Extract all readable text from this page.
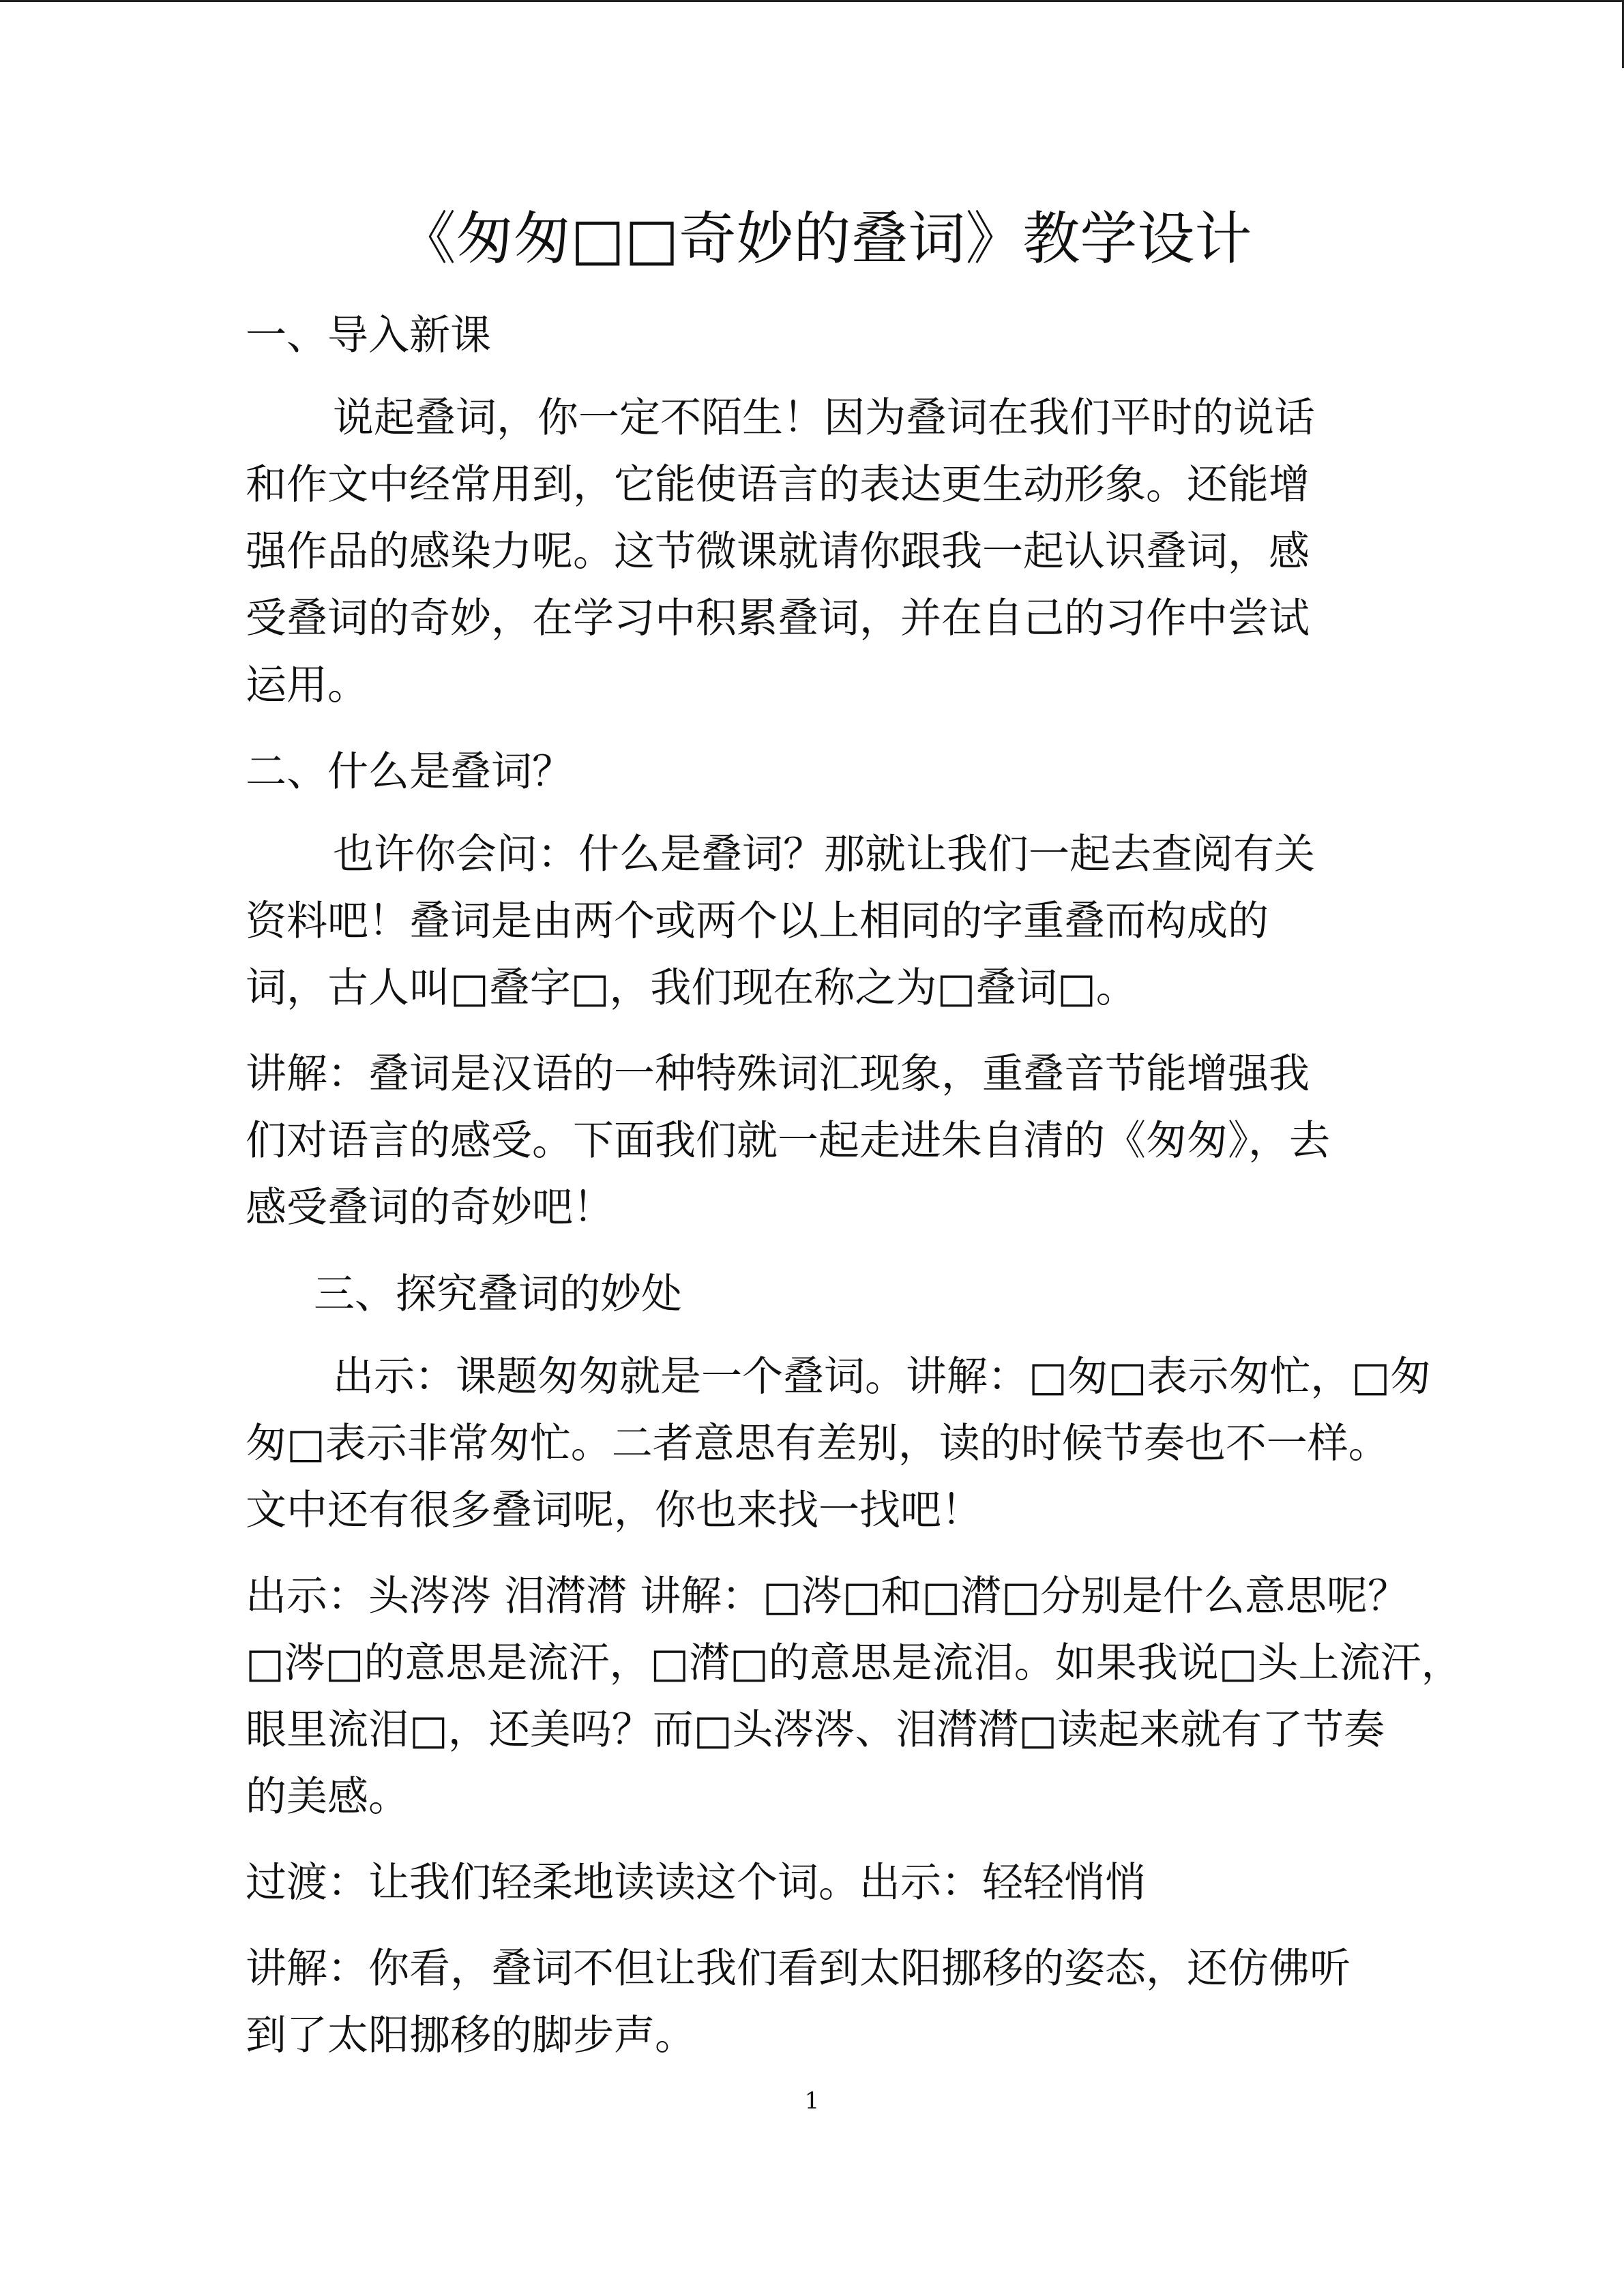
《匆匆□□奇妙的叠词》教学设计
一、导入新课
说起叠词，你一定不陌生！因为叠词在我们平时的说话
和作文中经常用到，它能使语言的表达更生动形象。还能增
强作品的感染力呢。这节微课就请你跟我一起认识叠词，感
受叠词的奇妙，在学习中积累叠词，并在自己的习作中尝试
运用。
二、什么是叠词？
也许你会问：什么是叠词？那就让我们一起去查阅有关
资料吧！叠词是由两个或两个以上相同的字重叠而构成的
词，古人叫□叠字□，我们现在称之为□叠词□。
讲解：叠词是汉语的一种特殊词汇现象，重叠音节能增强我
们对语言的感受。下面我们就一起走进朱自清的《匆匆》，去
感受叠词的奇妙吧！
三、探究叠词的妙处
出示：课题匆匆就是一个叠词。讲解：□匆□表示匆忙，□匆
匆□表示非常匆忙。二者意思有差别，读的时候节奏也不一样。
文中还有很多叠词呢，你也来找一找吧！
出示：头涔涔 泪潸潸 讲解：□涔□和□潸□分别是什么意思呢？
□涔□的意思是流汗，□潸□的意思是流泪。如果我说□头上流汗，
眼里流泪□，还美吗？而□头涔涔、泪潸潸□读起来就有了节奏
的美感。
过渡：让我们轻柔地读读这个词。出示：轻轻悄悄
讲解：你看，叠词不但让我们看到太阳挪移的姿态，还仿佛听
到了太阳挪移的脚步声。
1
